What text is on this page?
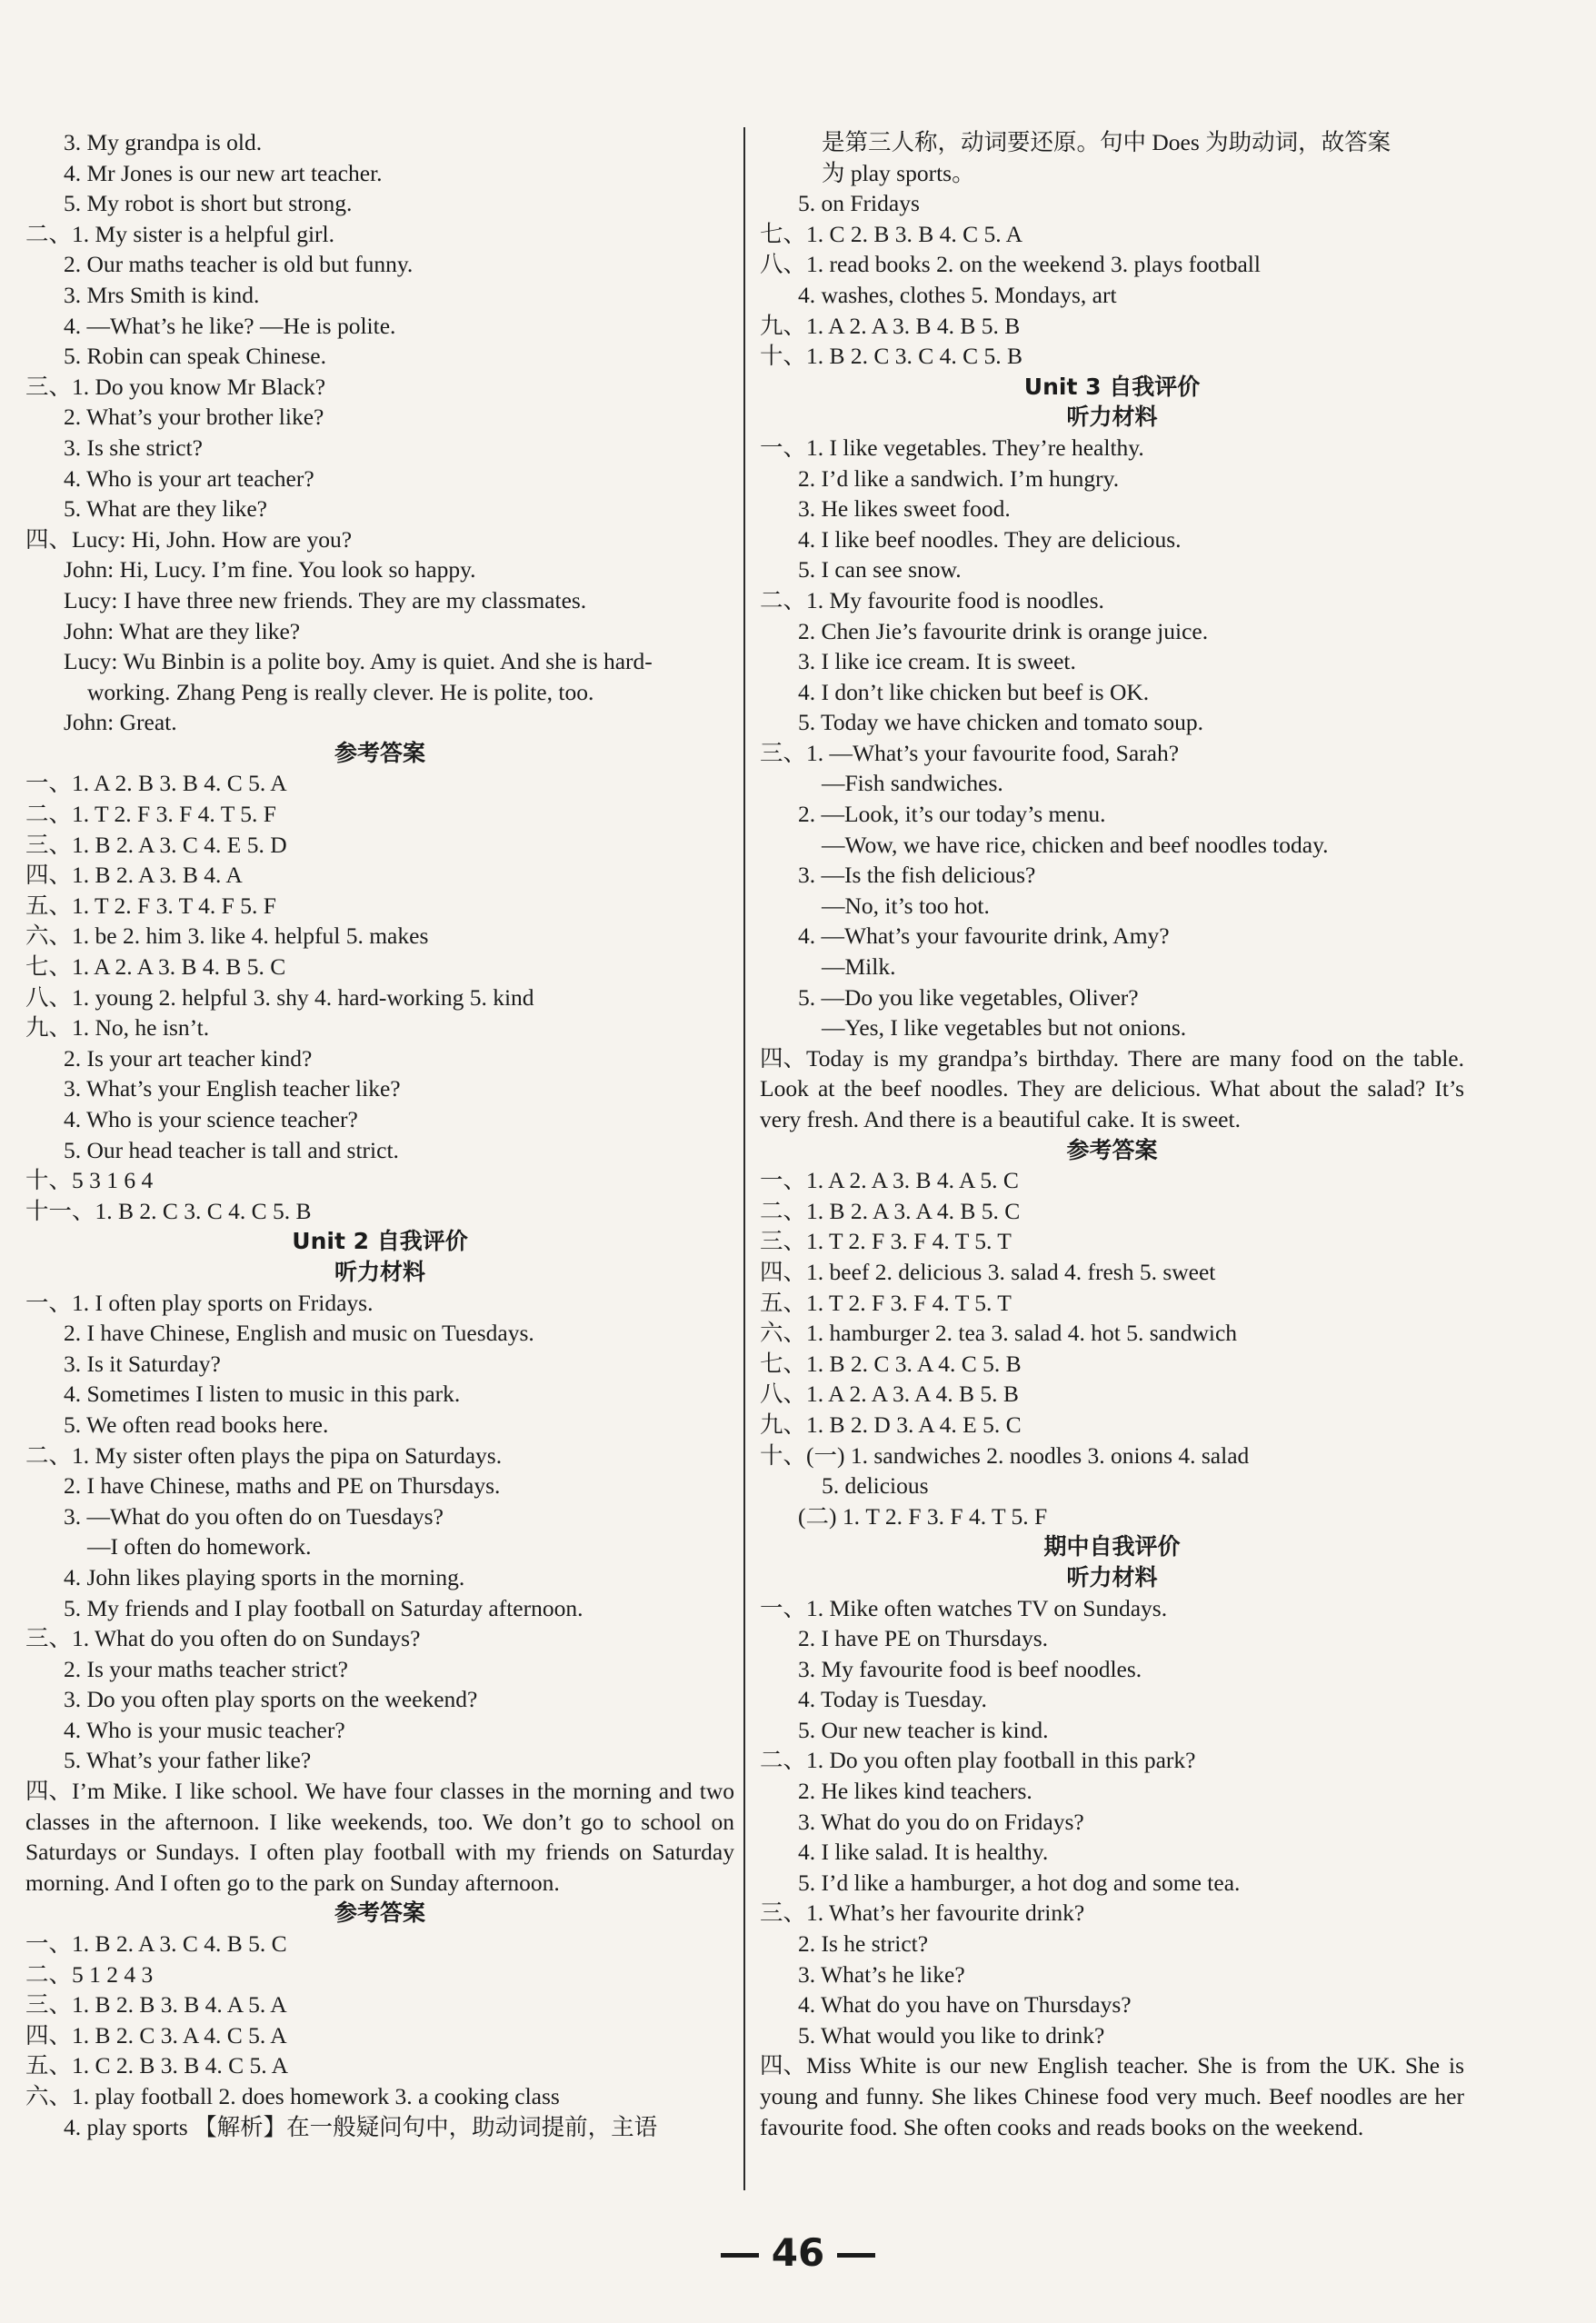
3. My grandpa is old.
4. Mr Jones is our new art teacher.
5. My robot is short but strong.
二、1. My sister is a helpful girl.
2. Our maths teacher is old but funny.
3. Mrs Smith is kind.
4. —What’s he like? —He is polite.
5. Robin can speak Chinese.
三、1. Do you know Mr Black?
2. What’s your brother like?
3. Is she strict?
4. Who is your art teacher?
5. What are they like?
四、Lucy: Hi, John. How are you?
John: Hi, Lucy. I’m fine. You look so happy.
Lucy: I have three new friends. They are my classmates.
John: What are they like?
Lucy: Wu Binbin is a polite boy. Amy is quiet. And she is hard-
working. Zhang Peng is really clever. He is polite, too.
John: Great.
参考答案
一、1. A 2. B 3. B 4. C 5. A
二、1. T 2. F 3. F 4. T 5. F
三、1. B 2. A 3. C 4. E 5. D
四、1. B 2. A 3. B 4. A
五、1. T 2. F 3. T 4. F 5. F
六、1. be 2. him 3. like 4. helpful 5. makes
七、1. A 2. A 3. B 4. B 5. C
八、1. young 2. helpful 3. shy 4. hard-working 5. kind
九、1. No, he isn’t.
2. Is your art teacher kind?
3. What’s your English teacher like?
4. Who is your science teacher?
5. Our head teacher is tall and strict.
十、5 3 1 6 4
十一、1. B 2. C 3. C 4. C 5. B
Unit 2 自我评价
听力材料
一、1. I often play sports on Fridays.
2. I have Chinese, English and music on Tuesdays.
3. Is it Saturday?
4. Sometimes I listen to music in this park.
5. We often read books here.
二、1. My sister often plays the pipa on Saturdays.
2. I have Chinese, maths and PE on Thursdays.
3. —What do you often do on Tuesdays?
—I often do homework.
4. John likes playing sports in the morning.
5. My friends and I play football on Saturday afternoon.
三、1. What do you often do on Sundays?
2. Is your maths teacher strict?
3. Do you often play sports on the weekend?
4. Who is your music teacher?
5. What’s your father like?
四、I’m Mike. I like school. We have four classes in the morning and two classes in the afternoon. I like weekends, too. We don’t go to school on Saturdays or Sundays. I often play football with my friends on Saturday morning. And I often go to the park on Sunday afternoon.
参考答案
一、1. B 2. A 3. C 4. B 5. C
二、5 1 2 4 3
三、1. B 2. B 3. B 4. A 5. A
四、1. B 2. C 3. A 4. C 5. A
五、1. C 2. B 3. B 4. C 5. A
六、1. play football 2. does homework 3. a cooking class
4. play sports 【解析】在一般疑问句中，助动词提前，主语
是第三人称，动词要还原。句中 Does 为助动词，故答案
为 play sports。
5. on Fridays
七、1. C 2. B 3. B 4. C 5. A
八、1. read books 2. on the weekend 3. plays football
4. washes, clothes 5. Mondays, art
九、1. A 2. A 3. B 4. B 5. B
十、1. B 2. C 3. C 4. C 5. B
Unit 3 自我评价
听力材料
一、1. I like vegetables. They’re healthy.
2. I’d like a sandwich. I’m hungry.
3. He likes sweet food.
4. I like beef noodles. They are delicious.
5. I can see snow.
二、1. My favourite food is noodles.
2. Chen Jie’s favourite drink is orange juice.
3. I like ice cream. It is sweet.
4. I don’t like chicken but beef is OK.
5. Today we have chicken and tomato soup.
三、1. —What’s your favourite food, Sarah?
—Fish sandwiches.
2. —Look, it’s our today’s menu.
—Wow, we have rice, chicken and beef noodles today.
3. —Is the fish delicious?
—No, it’s too hot.
4. —What’s your favourite drink, Amy?
—Milk.
5. —Do you like vegetables, Oliver?
—Yes, I like vegetables but not onions.
四、Today is my grandpa’s birthday. There are many food on the table. Look at the beef noodles. They are delicious. What about the salad? It’s very fresh. And there is a beautiful cake. It is sweet.
参考答案
一、1. A 2. A 3. B 4. A 5. C
二、1. B 2. A 3. A 4. B 5. C
三、1. T 2. F 3. F 4. T 5. T
四、1. beef 2. delicious 3. salad 4. fresh 5. sweet
五、1. T 2. F 3. F 4. T 5. T
六、1. hamburger 2. tea 3. salad 4. hot 5. sandwich
七、1. B 2. C 3. A 4. C 5. B
八、1. A 2. A 3. A 4. B 5. B
九、1. B 2. D 3. A 4. E 5. C
十、(一) 1. sandwiches 2. noodles 3. onions 4. salad
5. delicious
(二) 1. T 2. F 3. F 4. T 5. F
期中自我评价
听力材料
一、1. Mike often watches TV on Sundays.
2. I have PE on Thursdays.
3. My favourite food is beef noodles.
4. Today is Tuesday.
5. Our new teacher is kind.
二、1. Do you often play football in this park?
2. He likes kind teachers.
3. What do you do on Fridays?
4. I like salad. It is healthy.
5. I’d like a hamburger, a hot dog and some tea.
三、1. What’s her favourite drink?
2. Is he strict?
3. What’s he like?
4. What do you have on Thursdays?
5. What would you like to drink?
四、Miss White is our new English teacher. She is from the UK. She is young and funny. She likes Chinese food very much. Beef noodles are her favourite food. She often cooks and reads books on the weekend.
46
